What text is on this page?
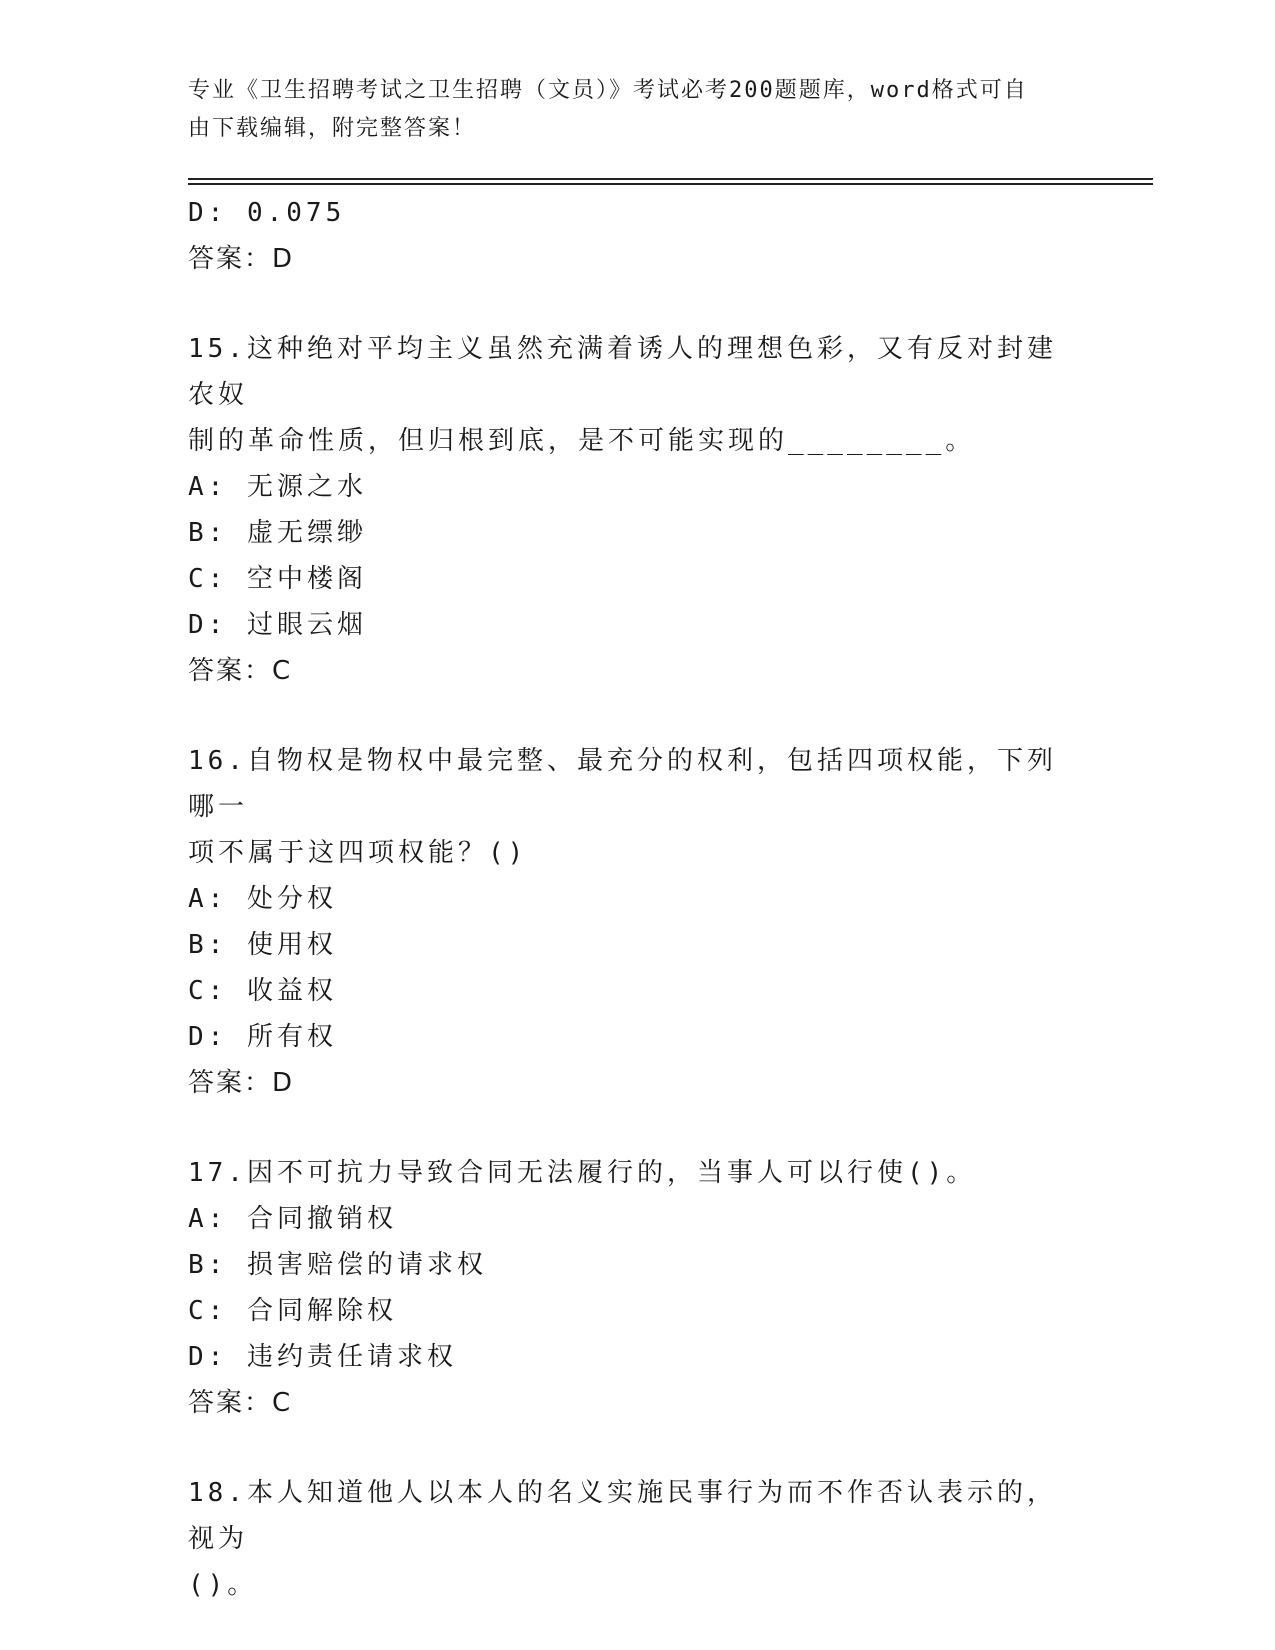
专业《卫生招聘考试之卫生招聘（文员）》考试必考200题题库，word格式可自
由下载编辑，附完整答案！
D: 0.075
答案：D
15.这种绝对平均主义虽然充满着诱人的理想色彩，又有反对封建农奴
制的革命性质，但归根到底，是不可能实现的________。
A: 无源之水
B: 虚无缥缈
C: 空中楼阁
D: 过眼云烟
答案：C
16.自物权是物权中最完整、最充分的权利，包括四项权能，下列哪一
项不属于这四项权能？()
A: 处分权
B: 使用权
C: 收益权
D: 所有权
答案：D
17.因不可抗力导致合同无法履行的，当事人可以行使()。
A: 合同撤销权
B: 损害赔偿的请求权
C: 合同解除权
D: 违约责任请求权
答案：C
18.本人知道他人以本人的名义实施民事行为而不作否认表示的，视为
()。
